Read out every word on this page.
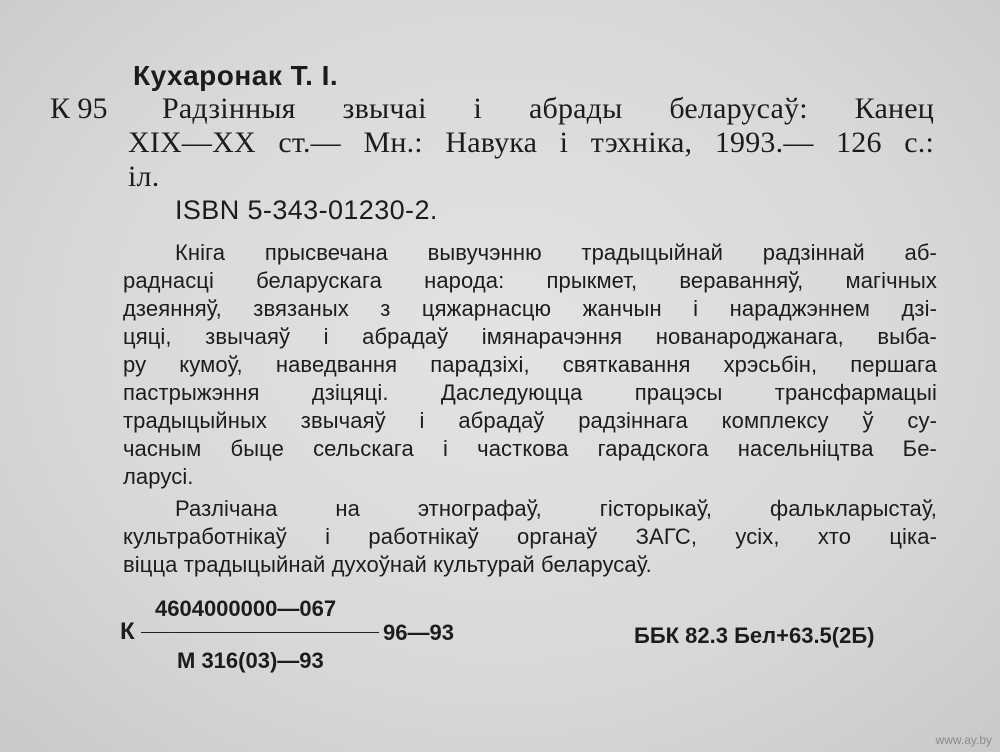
Кухаронак Т. І.
К 95 Радзінныя звычаі і абрады беларусаў: Канец
XIX—XX ст.— Мн.: Навука і тэхніка, 1993.— 126 с.:
іл.
ISBN 5-343-01230-2.
Кніга прысвечана вывучэнню традыцыйнай радзіннай аб-
раднасці беларускага народа: прыкмет, вераванняў, магічных
дзеянняў, звязаных з цяжарнасцю жанчын і нараджэннем дзі-
цяці, звычаяў і абрадаў імянарачэння нованароджанага, выба-
ру кумоў, наведвання парадзіхі, святкавання хрэсьбін, першага
пастрыжэння дзіцяці. Даследуюцца працэсы трансфармацыі
традыцыйных звычаяў і абрадаў радзіннага комплексу ў су-
часным быце сельскага і часткова гарадскога насельніцтва Бе-
ларусі.
Разлічана на этнографаў, гісторыкаў, фалькларыстаў,
культработнікаў і работнікаў органаў ЗАГС, усіх, хто ціка-
віцца традыцыйнай духоўнай культурай беларусаў.
4604000000—067
К	96—93
М 316(03)—93
ББК 82.3 Бел+63.5(2Б)
www.ay.by
